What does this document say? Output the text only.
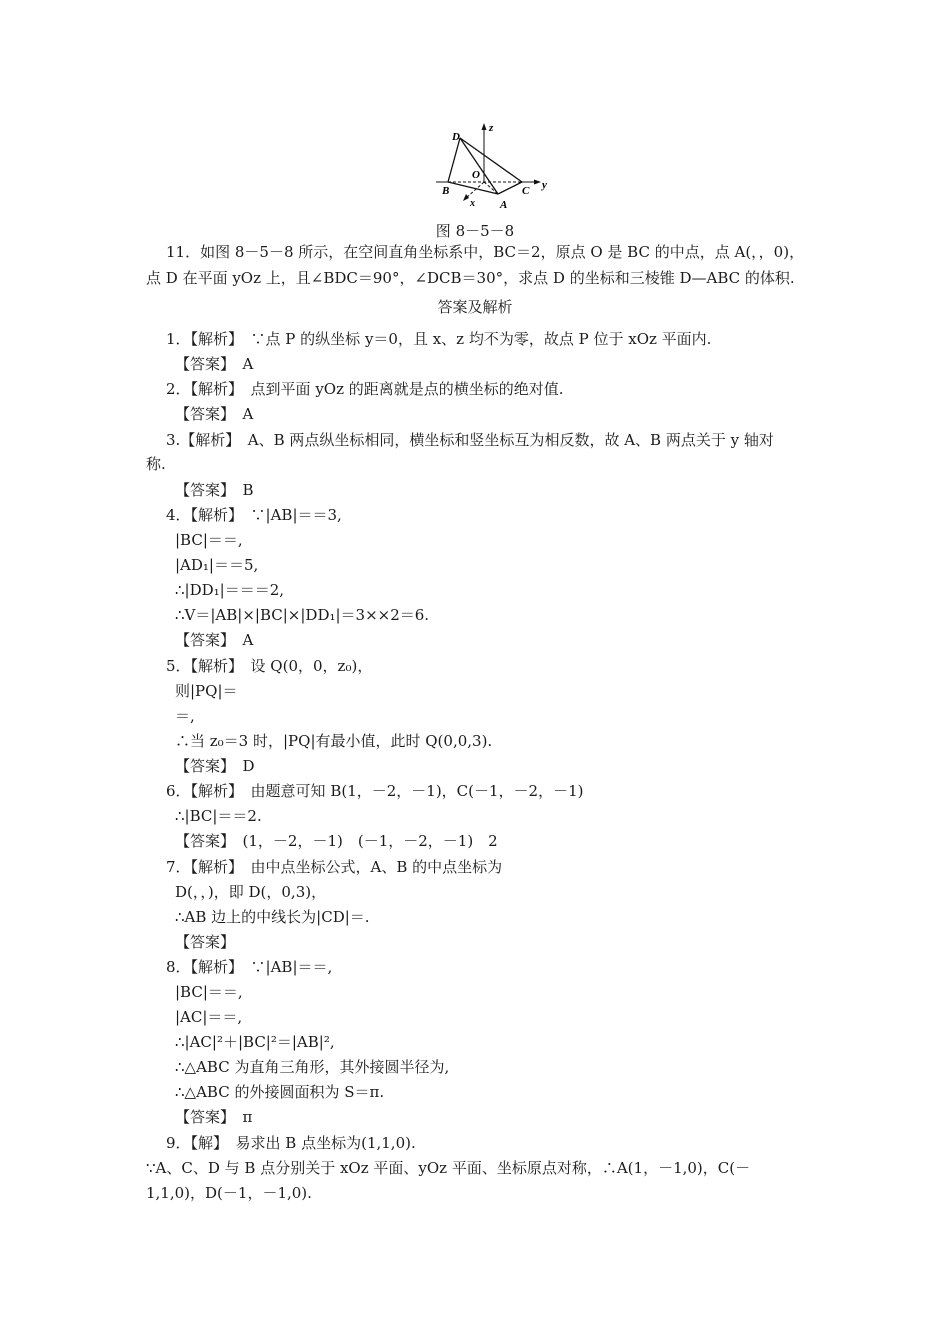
D
z
O
B
x A
C y
图 8－5－8
11．如图 8－5－8 所示，在空间直角坐标系中，BC＝2，原点 O 是 BC 的中点，点 A(，，0)，
点 D 在平面 yOz 上，且∠BDC＝90°，∠DCB＝30°，求点 D 的坐标和三棱锥 D—ABC 的体积.
答案及解析
1．【解析】　∵点 P 的纵坐标 y＝0，且 x、z 均不为零，故点 P 位于 xOz 平面内.
【答案】　A
2．【解析】　点到平面 yOz 的距离就是点的横坐标的绝对值.
【答案】　A
3.【解析】　A、B 两点纵坐标相同，横坐标和竖坐标互为相反数，故 A、B 两点关于 y 轴对
称.
【答案】　B
4．【解析】　∵|AB|＝＝3,
|BC|＝＝,
|AD₁|＝＝5,
∴|DD₁|＝＝＝2,
∴V＝|AB|×|BC|×|DD₁|＝3××2＝6.
【答案】　A
5．【解析】　设 Q(0，0，z₀)，
则|PQ|＝
＝,
∴当 z₀＝3 时，|PQ|有最小值，此时 Q(0,0,3).
【答案】　D
6．【解析】　由题意可知 B(1，－2，－1)，C(－1，－2，－1)
∴|BC|＝＝2.
【答案】　(1，－2，－1)　(－1，－2，－1)　2
7．【解析】　由中点坐标公式，A、B 的中点坐标为
D(，，)，即 D(，0,3)，
∴AB 边上的中线长为|CD|＝.
【答案】
8．【解析】　∵|AB|＝＝,
|BC|＝＝,
|AC|＝＝,
∴|AC|²＋|BC|²＝|AB|²,
∴△ABC 为直角三角形，其外接圆半径为,
∴△ABC 的外接圆面积为 S＝π.
【答案】　π
9．【解】　易求出 B 点坐标为(1,1,0).
∵A、C、D 与 B 点分别关于 xOz 平面、yOz 平面、坐标原点对称，∴A(1，－1,0)，C(－
1,1,0)，D(－1，－1,0).
